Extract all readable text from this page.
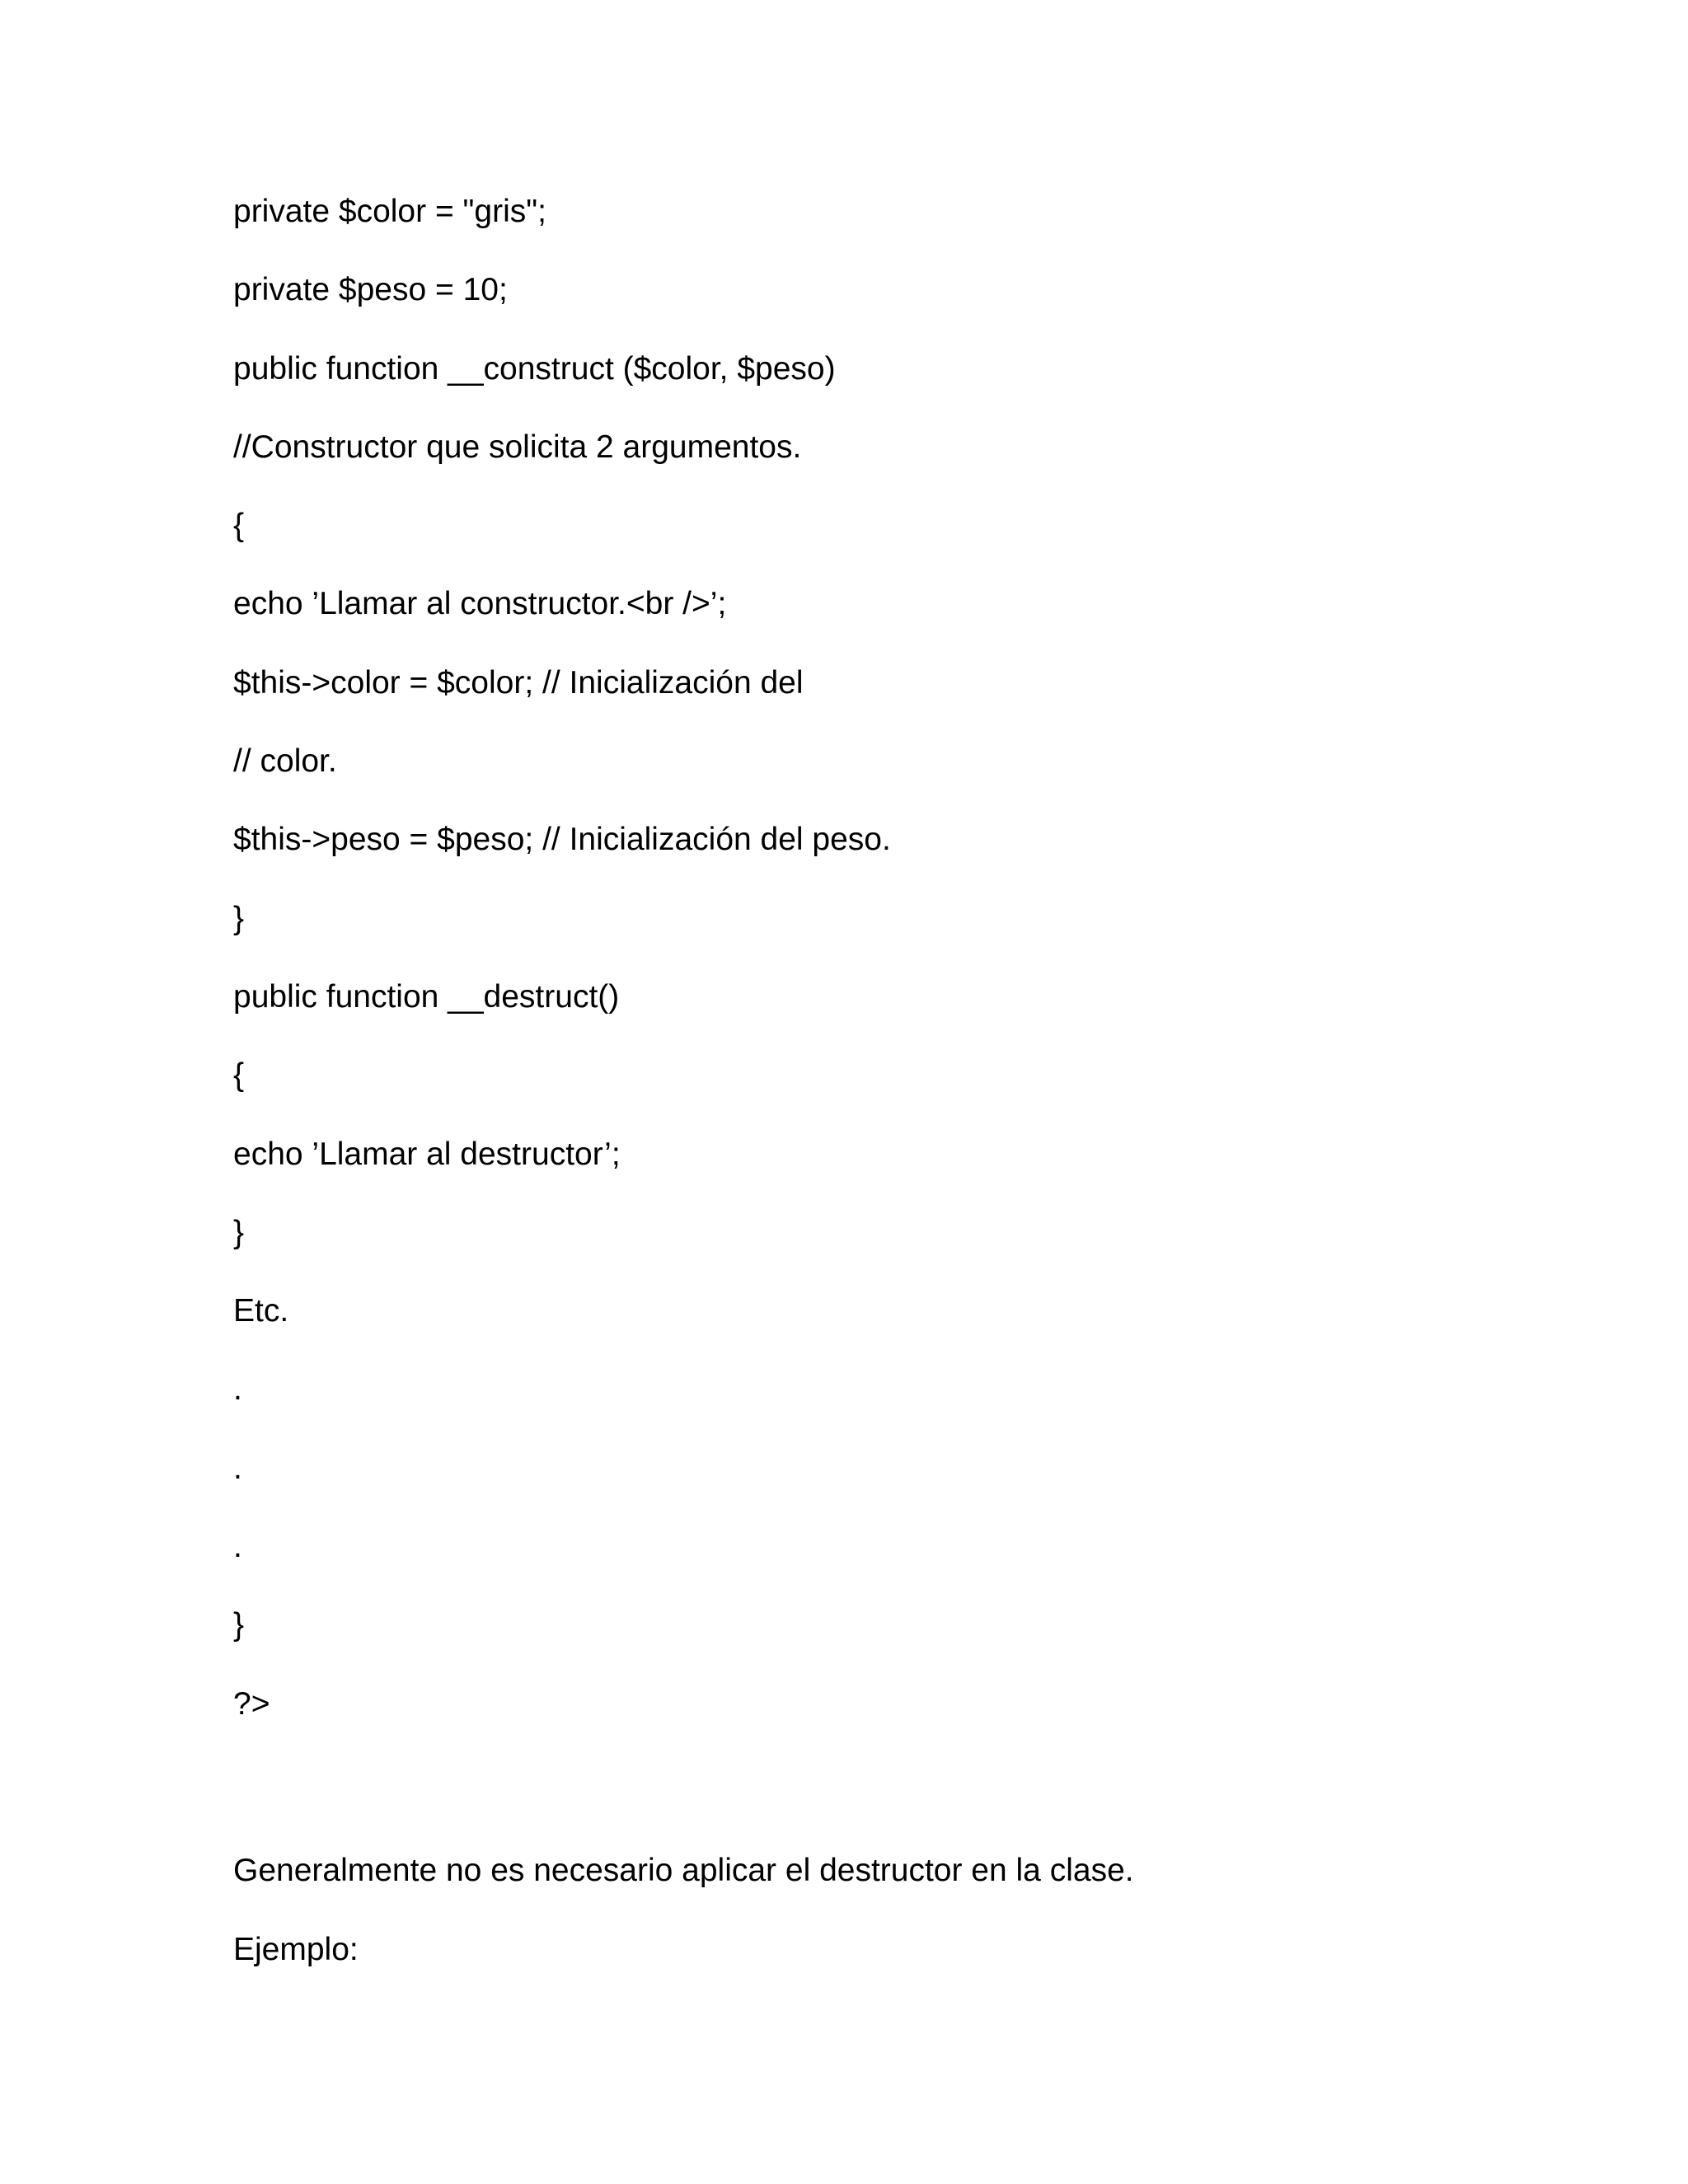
private $color = "gris";
private $peso = 10;
public function __construct ($color, $peso)
//Constructor que solicita 2 argumentos.
{
echo ’Llamar al constructor.<br />’;
$this->color = $color; // Inicialización del
// color.
$this->peso = $peso; // Inicialización del peso.
}
public function __destruct()
{
echo ’Llamar al destructor’;
}
Etc.
.
.
.
}
?>

Generalmente no es necesario aplicar el destructor en la clase.

Ejemplo:
